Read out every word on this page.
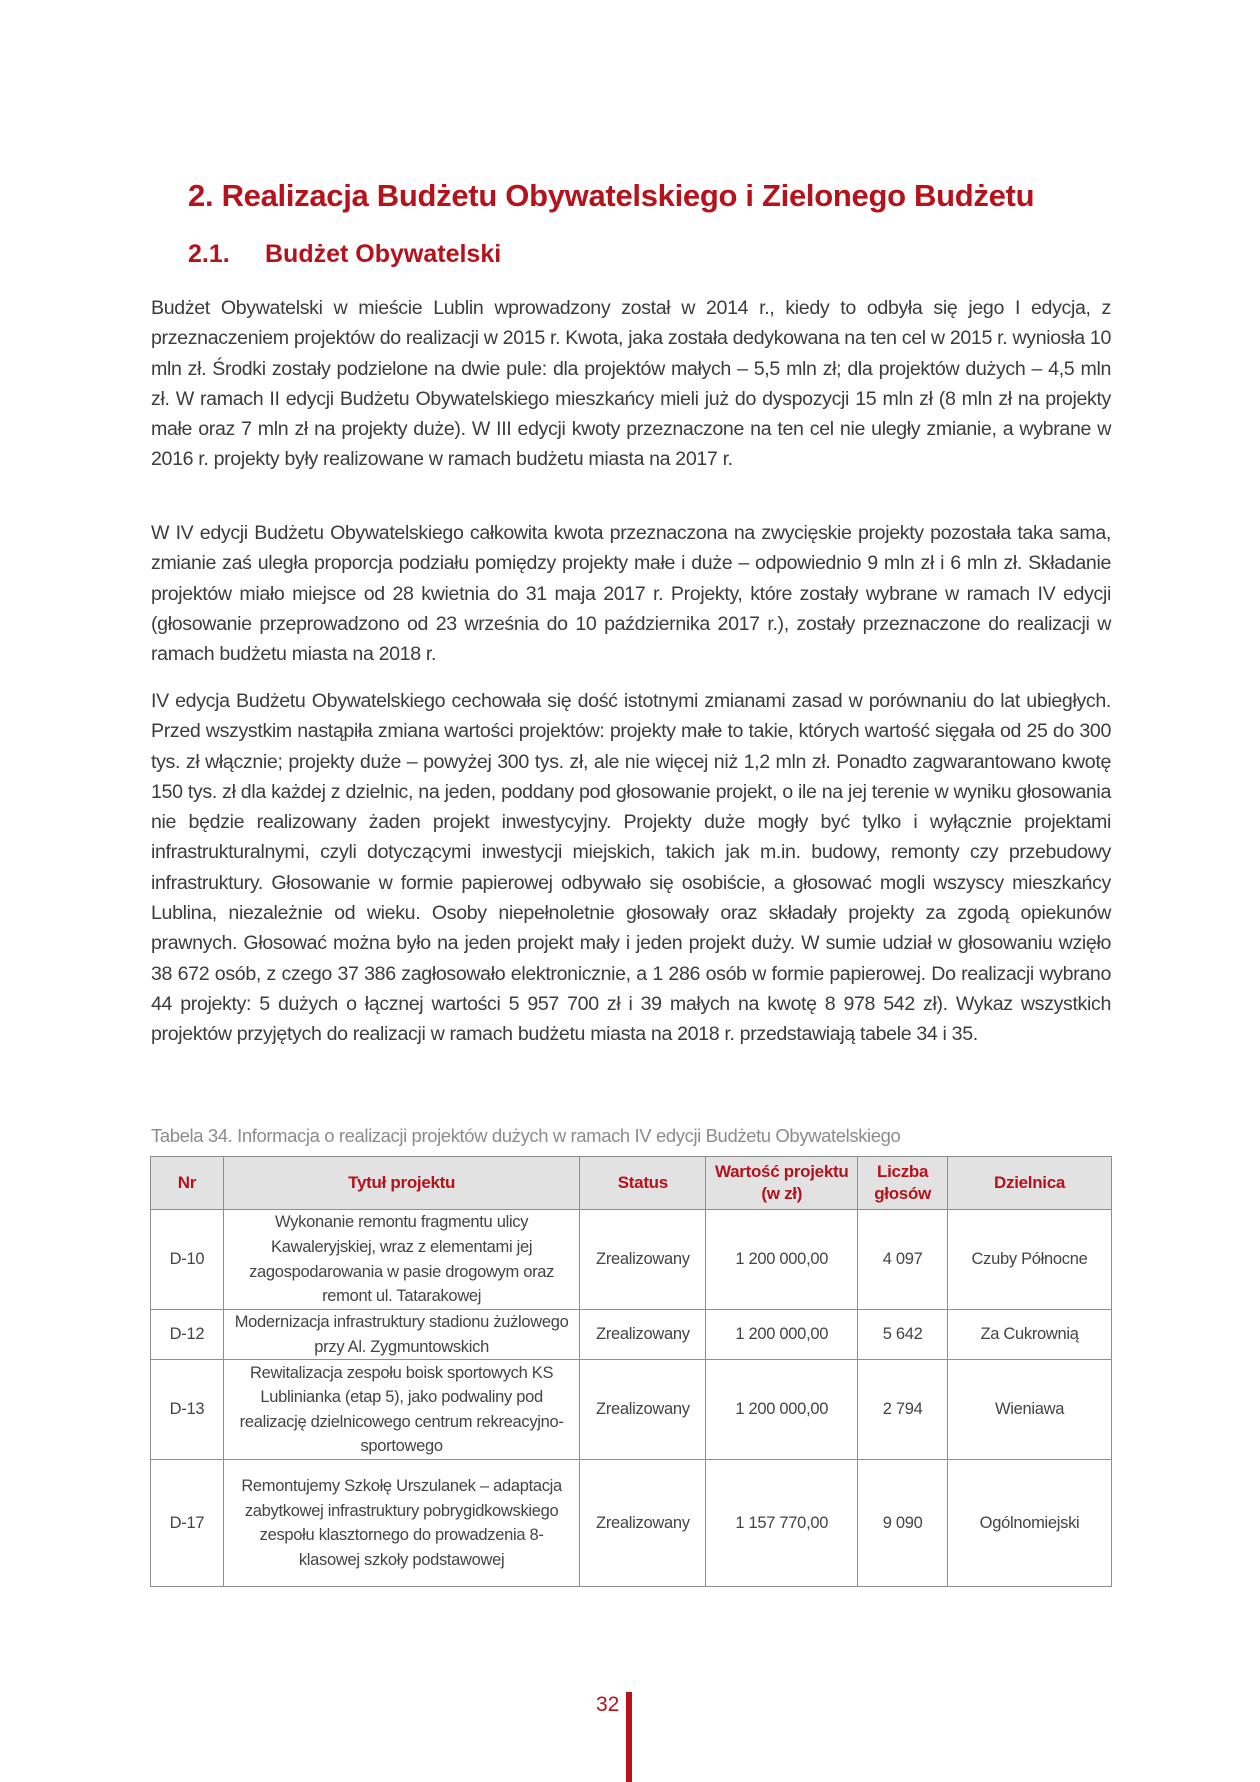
2. Realizacja Budżetu Obywatelskiego i Zielonego Budżetu
2.1. Budżet Obywatelski

Budżet Obywatelski w mieście Lublin wprowadzony został w 2014 r., kiedy to odbyła się jego I edycja, z przeznaczeniem projektów do realizacji w 2015 r. Kwota, jaka została dedykowana na ten cel w 2015 r. wyniosła 10 mln zł. Środki zostały podzielone na dwie pule: dla projektów małych – 5,5 mln zł; dla projektów dużych – 4,5 mln zł. W ramach II edycji Budżetu Obywatelskiego mieszkańcy mieli już do dyspozycji 15 mln zł (8 mln zł na projekty małe oraz 7 mln zł na projekty duże). W III edycji kwoty przeznaczone na ten cel nie uległy zmianie, a wybrane w 2016 r. projekty były realizowane w ramach budżetu miasta na 2017 r.

W IV edycji Budżetu Obywatelskiego całkowita kwota przeznaczona na zwycięskie projekty pozostała taka sama, zmianie zaś uległa proporcja podziału pomiędzy projekty małe i duże – odpowiednio 9 mln zł i 6 mln zł. Składanie projektów miało miejsce od 28 kwietnia do 31 maja 2017 r. Projekty, które zostały wybrane w ramach IV edycji (głosowanie przeprowadzono od 23 września do 10 października 2017 r.), zostały przeznaczone do realizacji w ramach budżetu miasta na 2018 r.

IV edycja Budżetu Obywatelskiego cechowała się dość istotnymi zmianami zasad w porównaniu do lat ubiegłych. Przed wszystkim nastąpiła zmiana wartości projektów: projekty małe to takie, których wartość sięgała od 25 do 300 tys. zł włącznie; projekty duże – powyżej 300 tys. zł, ale nie więcej niż 1,2 mln zł. Ponadto zagwarantowano kwotę 150 tys. zł dla każdej z dzielnic, na jeden, poddany pod głosowanie projekt, o ile na jej terenie w wyniku głosowania nie będzie realizowany żaden projekt inwestycyjny. Projekty duże mogły być tylko i wyłącznie projektami infrastrukturalnymi, czyli dotyczącymi inwestycji miejskich, takich jak m.in. budowy, remonty czy przebudowy infrastruktury. Głosowanie w formie papierowej odbywało się osobiście, a głosować mogli wszyscy mieszkańcy Lublina, niezależnie od wieku. Osoby niepełnoletnie głosowały oraz składały projekty za zgodą opiekunów prawnych. Głosować można było na jeden projekt mały i jeden projekt duży. W sumie udział w głosowaniu wzięło 38 672 osób, z czego 37 386 zagłosowało elektronicznie, a 1 286 osób w formie papierowej. Do realizacji wybrano 44 projekty: 5 dużych o łącznej wartości 5 957 700 zł i 39 małych na kwotę 8 978 542 zł). Wykaz wszystkich projektów przyjętych do realizacji w ramach budżetu miasta na 2018 r. przedstawiają tabele 34 i 35.

Tabela 34. Informacja o realizacji projektów dużych w ramach IV edycji Budżetu Obywatelskiego
Nr	Tytuł projektu	Status	Wartość projektu (w zł)	Liczba głosów	Dzielnica
D-10	Wykonanie remontu fragmentu ulicy Kawaleryjskiej, wraz z elementami jej zagospodarowania w pasie drogowym oraz remont ul. Tatarakowej	Zrealizowany	1 200 000,00	4 097	Czuby Północne
D-12	Modernizacja infrastruktury stadionu żużlowego przy Al. Zygmuntowskich	Zrealizowany	1 200 000,00	5 642	Za Cukrownią
D-13	Rewitalizacja zespołu boisk sportowych KS Lublinianka (etap 5), jako podwaliny pod realizację dzielnicowego centrum rekreacyjno-sportowego	Zrealizowany	1 200 000,00	2 794	Wieniawa
D-17	Remontujemy Szkołę Urszulanek – adaptacja zabytkowej infrastruktury pobrygidkowskiego zespołu klasztornego do prowadzenia 8-klasowej szkoły podstawowej	Zrealizowany	1 157 770,00	9 090	Ogólnomiejski
32
